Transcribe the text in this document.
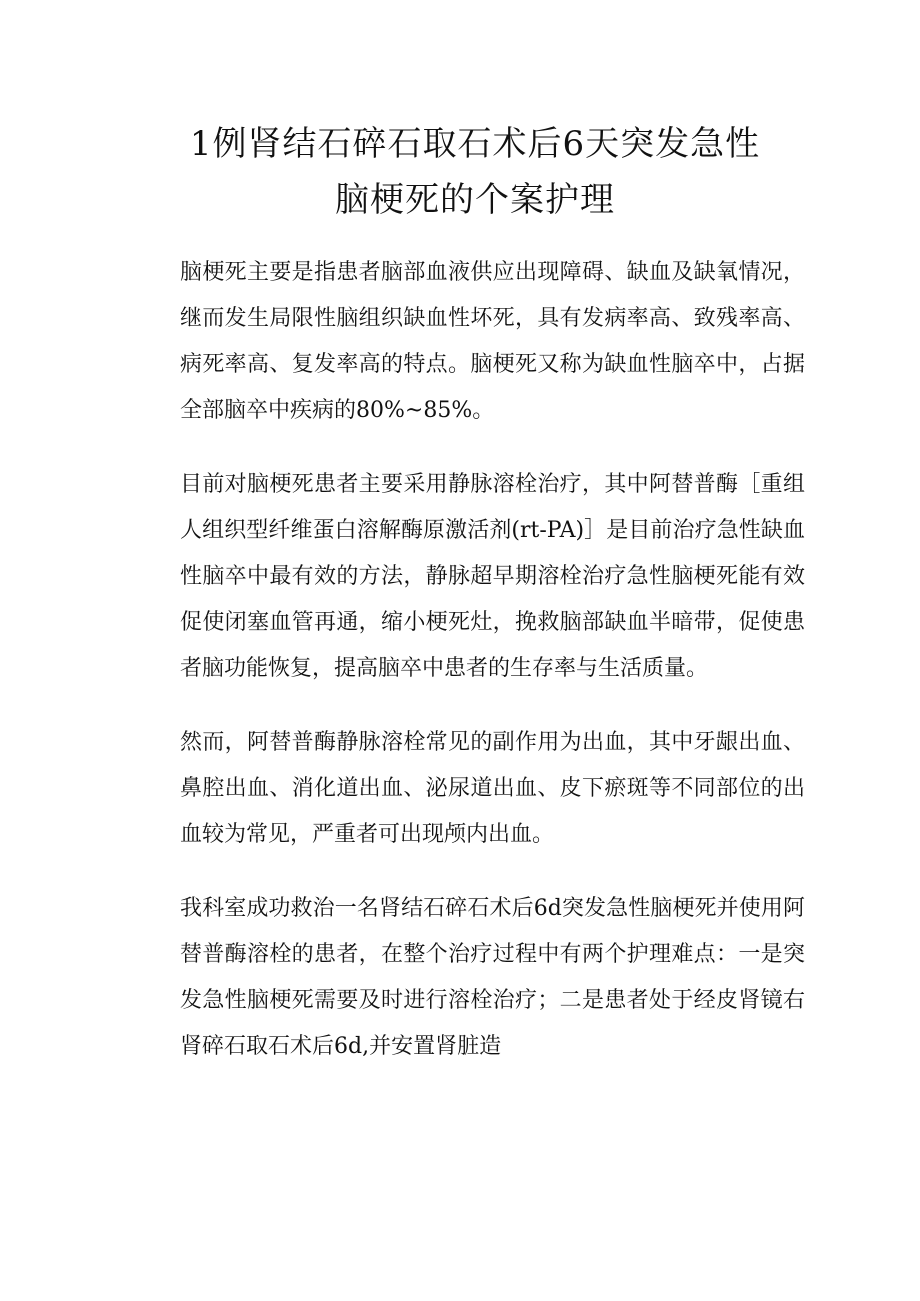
1例肾结石碎石取石术后6天突发急性
脑梗死的个案护理

脑梗死主要是指患者脑部血液供应出现障碍、缺血及缺氧情况，继而发生局限性脑组织缺血性坏死，具有发病率高、致残率高、病死率高、复发率高的特点。脑梗死又称为缺血性脑卒中，占据全部脑卒中疾病的80%~85%。

目前对脑梗死患者主要采用静脉溶栓治疗，其中阿替普酶［重组人组织型纤维蛋白溶解酶原激活剂(rt-PA)］是目前治疗急性缺血性脑卒中最有效的方法，静脉超早期溶栓治疗急性脑梗死能有效促使闭塞血管再通，缩小梗死灶，挽救脑部缺血半暗带，促使患者脑功能恢复，提高脑卒中患者的生存率与生活质量。

然而，阿替普酶静脉溶栓常见的副作用为出血，其中牙龈出血、鼻腔出血、消化道出血、泌尿道出血、皮下瘀斑等不同部位的出血较为常见，严重者可出现颅内出血。

我科室成功救治一名肾结石碎石术后6d突发急性脑梗死并使用阿替普酶溶栓的患者，在整个治疗过程中有两个护理难点：一是突发急性脑梗死需要及时进行溶栓治疗；二是患者处于经皮肾镜右肾碎石取石术后6d,并安置肾脏造
